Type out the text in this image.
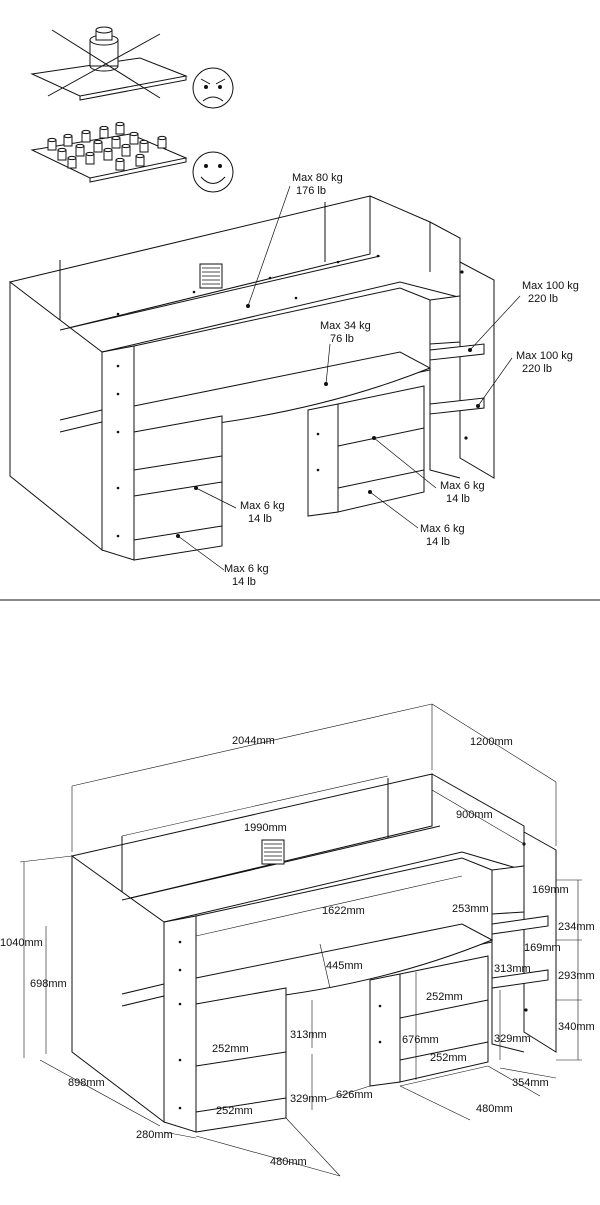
Max 80 kg
176 lb
Max 100 kg
220 lb
Max 100 kg
220 lb
Max 34 kg
76 lb
Max 6 kg
14 lb
Max 6 kg
14 lb
Max 6 kg
14 lb
Max 6 kg
14 lb
2044mm	1200mm
1990mm
900mm
1622mm
445mm
253mm
169mm
169mm
234mm
293mm
340mm
313mm
329mm
354mm
1040mm
698mm
898mm
280mm
252mm
252mm
313mm
329mm
480mm
626mm
252mm
252mm
676mm
480mm
